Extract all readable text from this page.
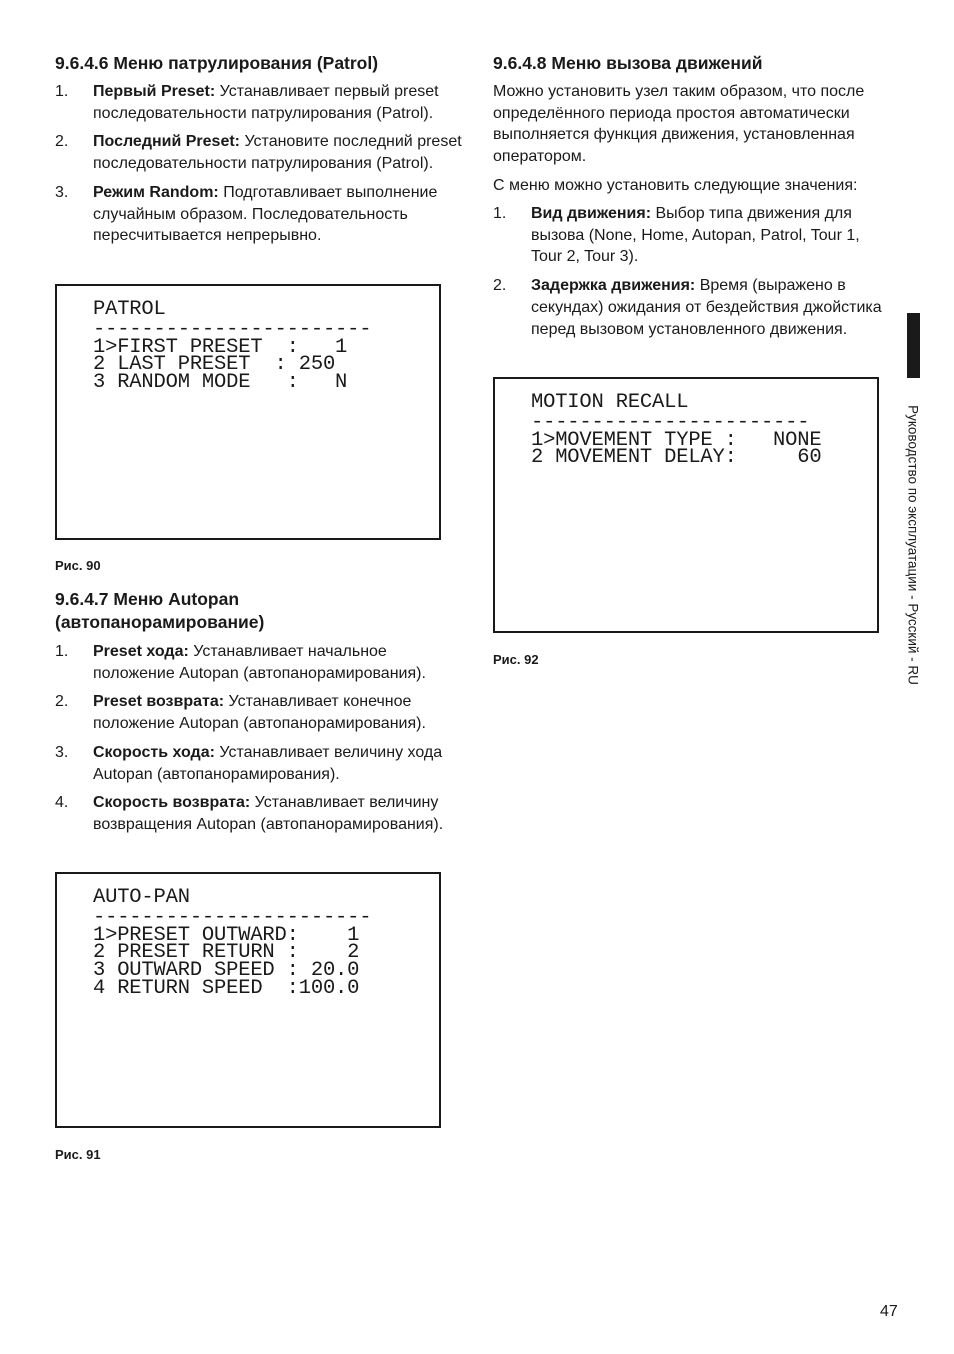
9.6.4.6 Меню патрулирования (Patrol)
1. Первый Preset: Устанавливает первый preset последовательности патрулирования (Patrol).
2. Последний Preset: Установите последний preset последовательности патрулирования (Patrol).
3. Режим Random: Подготавливает выполнение случайным образом. Последовательность пересчитывается непрерывно.
PATROL
-----------------------
1>FIRST PRESET  :   1
2 LAST PRESET  : 250
3 RANDOM MODE   :   N
Рис. 90
9.6.4.7 Меню Autopan
(автопанорамирование)
1. Preset хода: Устанавливает начальное положение Autopan (автопанорамирования).
2. Preset возврата: Устанавливает конечное положение Autopan (автопанорамирования).
3. Скорость хода: Устанавливает величину хода Autopan (автопанорамирования).
4. Скорость возврата: Устанавливает величину возвращения Autopan (автопанорамирования).
AUTO-PAN
-----------------------
1>PRESET OUTWARD:    1
2 PRESET RETURN :    2
3 OUTWARD SPEED : 20.0
4 RETURN SPEED  :100.0
Рис. 91
9.6.4.8 Меню вызова движений

Можно установить узел таким образом, что после определённого периода простоя автоматически выполняется функция движения, установленная оператором.

С меню можно установить следующие значения:

1. Вид движения: Выбор типа движения для вызова (None, Home, Autopan, Patrol, Tour 1, Tour 2, Tour 3).
2. Задержка движения: Время (выражено в секундах) ожидания от бездействия джойстика перед вызовом установленного движения.
MOTION RECALL
-----------------------
1>MOVEMENT TYPE :   NONE
2 MOVEMENT DELAY:     60
Рис. 92	Руководство по эксплуатации - Русский - RU
47
